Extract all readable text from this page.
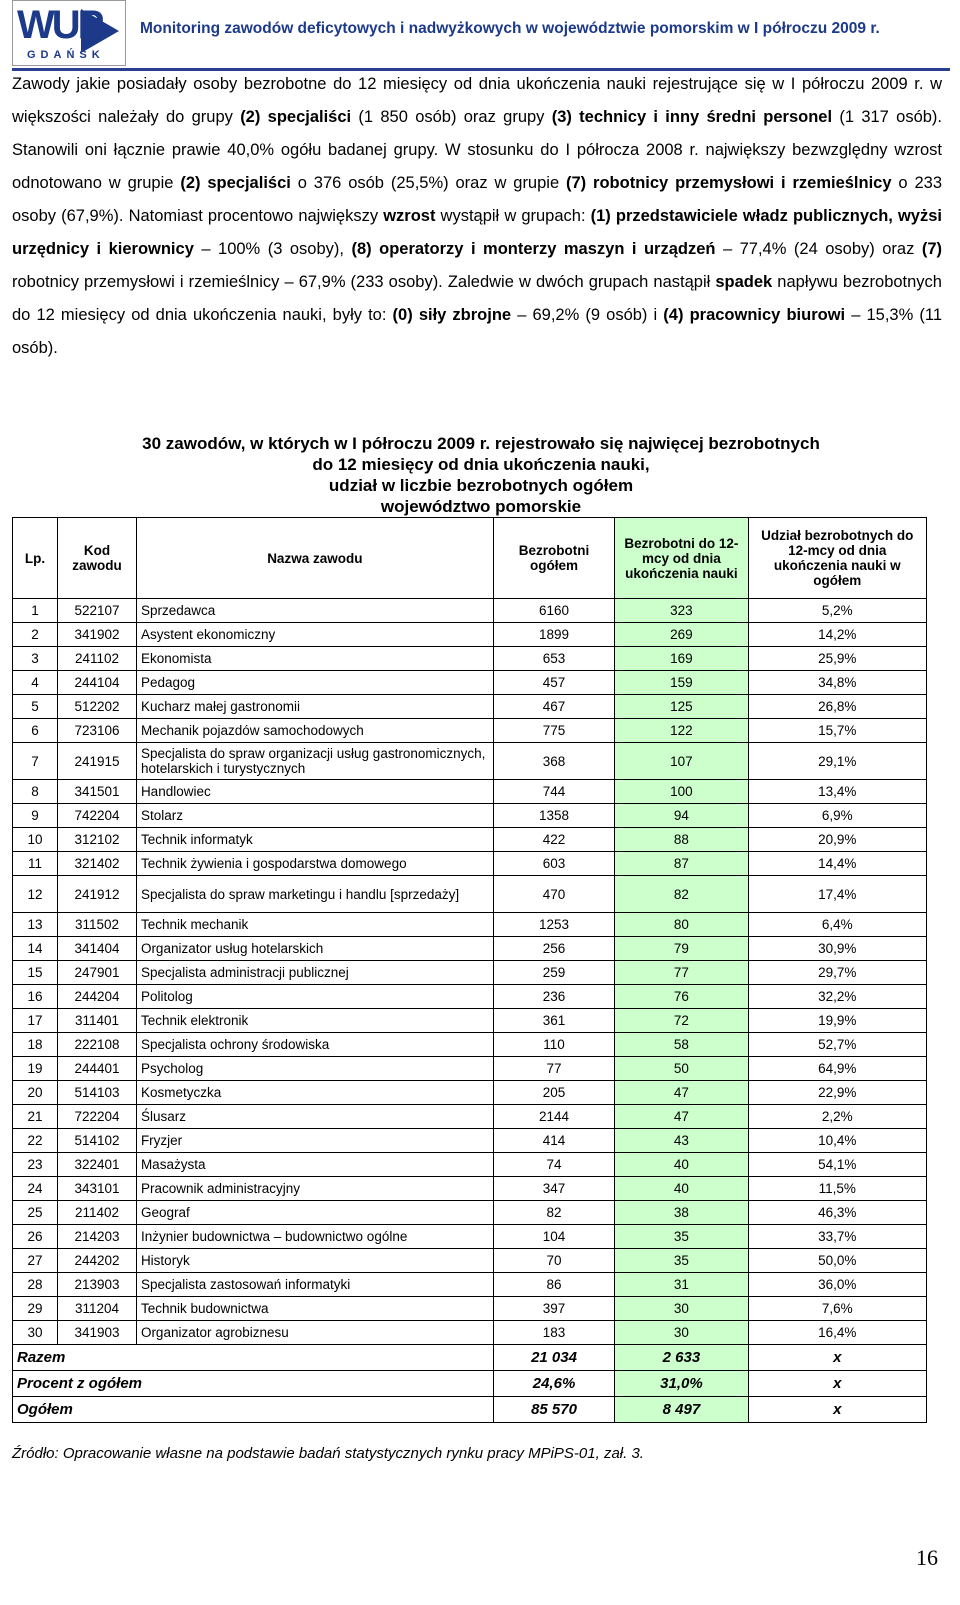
WUP
GDAŃSK
Monitoring zawodów deficytowych i nadwyżkowych w województwie pomorskim w I półroczu 2009 r.
Zawody jakie posiadały osoby bezrobotne do 12 miesięcy od dnia ukończenia nauki rejestrujące się w I półroczu 2009 r. w większości należały do grupy (2) specjaliści (1 850 osób) oraz grupy (3) technicy i inny średni personel (1 317 osób). Stanowili oni łącznie prawie 40,0% ogółu badanej grupy. W stosunku do I półrocza 2008 r. największy bezwzględny wzrost odnotowano w grupie (2) specjaliści o 376 osób (25,5%) oraz w grupie (7) robotnicy przemysłowi i rzemieślnicy o 233 osoby (67,9%). Natomiast procentowo największy wzrost wystąpił w grupach: (1) przedstawiciele władz publicznych, wyżsi urzędnicy i kierownicy – 100% (3 osoby), (8) operatorzy i monterzy maszyn i urządzeń – 77,4% (24 osoby) oraz (7) robotnicy przemysłowi i rzemieślnicy – 67,9% (233 osoby). Zaledwie w dwóch grupach nastąpił spadek napływu bezrobotnych do 12 miesięcy od dnia ukończenia nauki, były to: (0) siły zbrojne – 69,2% (9 osób) i (4) pracownicy biurowi – 15,3% (11 osób).
30 zawodów, w których w I półroczu 2009 r. rejestrowało się najwięcej bezrobotnych
do 12 miesięcy od dnia ukończenia nauki,
udział w liczbie bezrobotnych ogółem
województwo pomorskie
Lp.	Kod zawodu	Nazwa zawodu	Bezrobotni ogółem	Bezrobotni do 12-mcy od dnia ukończenia nauki	Udział bezrobotnych do 12-mcy od dnia ukończenia nauki w ogółem
1	522107	Sprzedawca	6160	323	5,2%
2	341902	Asystent ekonomiczny	1899	269	14,2%
3	241102	Ekonomista	653	169	25,9%
4	244104	Pedagog	457	159	34,8%
5	512202	Kucharz małej gastronomii	467	125	26,8%
6	723106	Mechanik pojazdów samochodowych	775	122	15,7%
7	241915	Specjalista do spraw organizacji usług gastronomicznych, hotelarskich i turystycznych	368	107	29,1%
8	341501	Handlowiec	744	100	13,4%
9	742204	Stolarz	1358	94	6,9%
10	312102	Technik informatyk	422	88	20,9%
11	321402	Technik żywienia i gospodarstwa domowego	603	87	14,4%
12	241912	Specjalista do spraw marketingu i handlu [sprzedaży]	470	82	17,4%
13	311502	Technik mechanik	1253	80	6,4%
14	341404	Organizator usług hotelarskich	256	79	30,9%
15	247901	Specjalista administracji publicznej	259	77	29,7%
16	244204	Politolog	236	76	32,2%
17	311401	Technik elektronik	361	72	19,9%
18	222108	Specjalista ochrony środowiska	110	58	52,7%
19	244401	Psycholog	77	50	64,9%
20	514103	Kosmetyczka	205	47	22,9%
21	722204	Ślusarz	2144	47	2,2%
22	514102	Fryzjer	414	43	10,4%
23	322401	Masażysta	74	40	54,1%
24	343101	Pracownik administracyjny	347	40	11,5%
25	211402	Geograf	82	38	46,3%
26	214203	Inżynier budownictwa – budownictwo ogólne	104	35	33,7%
27	244202	Historyk	70	35	50,0%
28	213903	Specjalista zastosowań informatyki	86	31	36,0%
29	311204	Technik budownictwa	397	30	7,6%
30	341903	Organizator agrobiznesu	183	30	16,4%
Razem			21 034	2 633	x
Procent z ogółem			24,6%	31,0%	x
Ogółem			85 570	8 497	x
Źródło: Opracowanie własne na podstawie badań statystycznych rynku pracy MPiPS-01, zał. 3.
16
